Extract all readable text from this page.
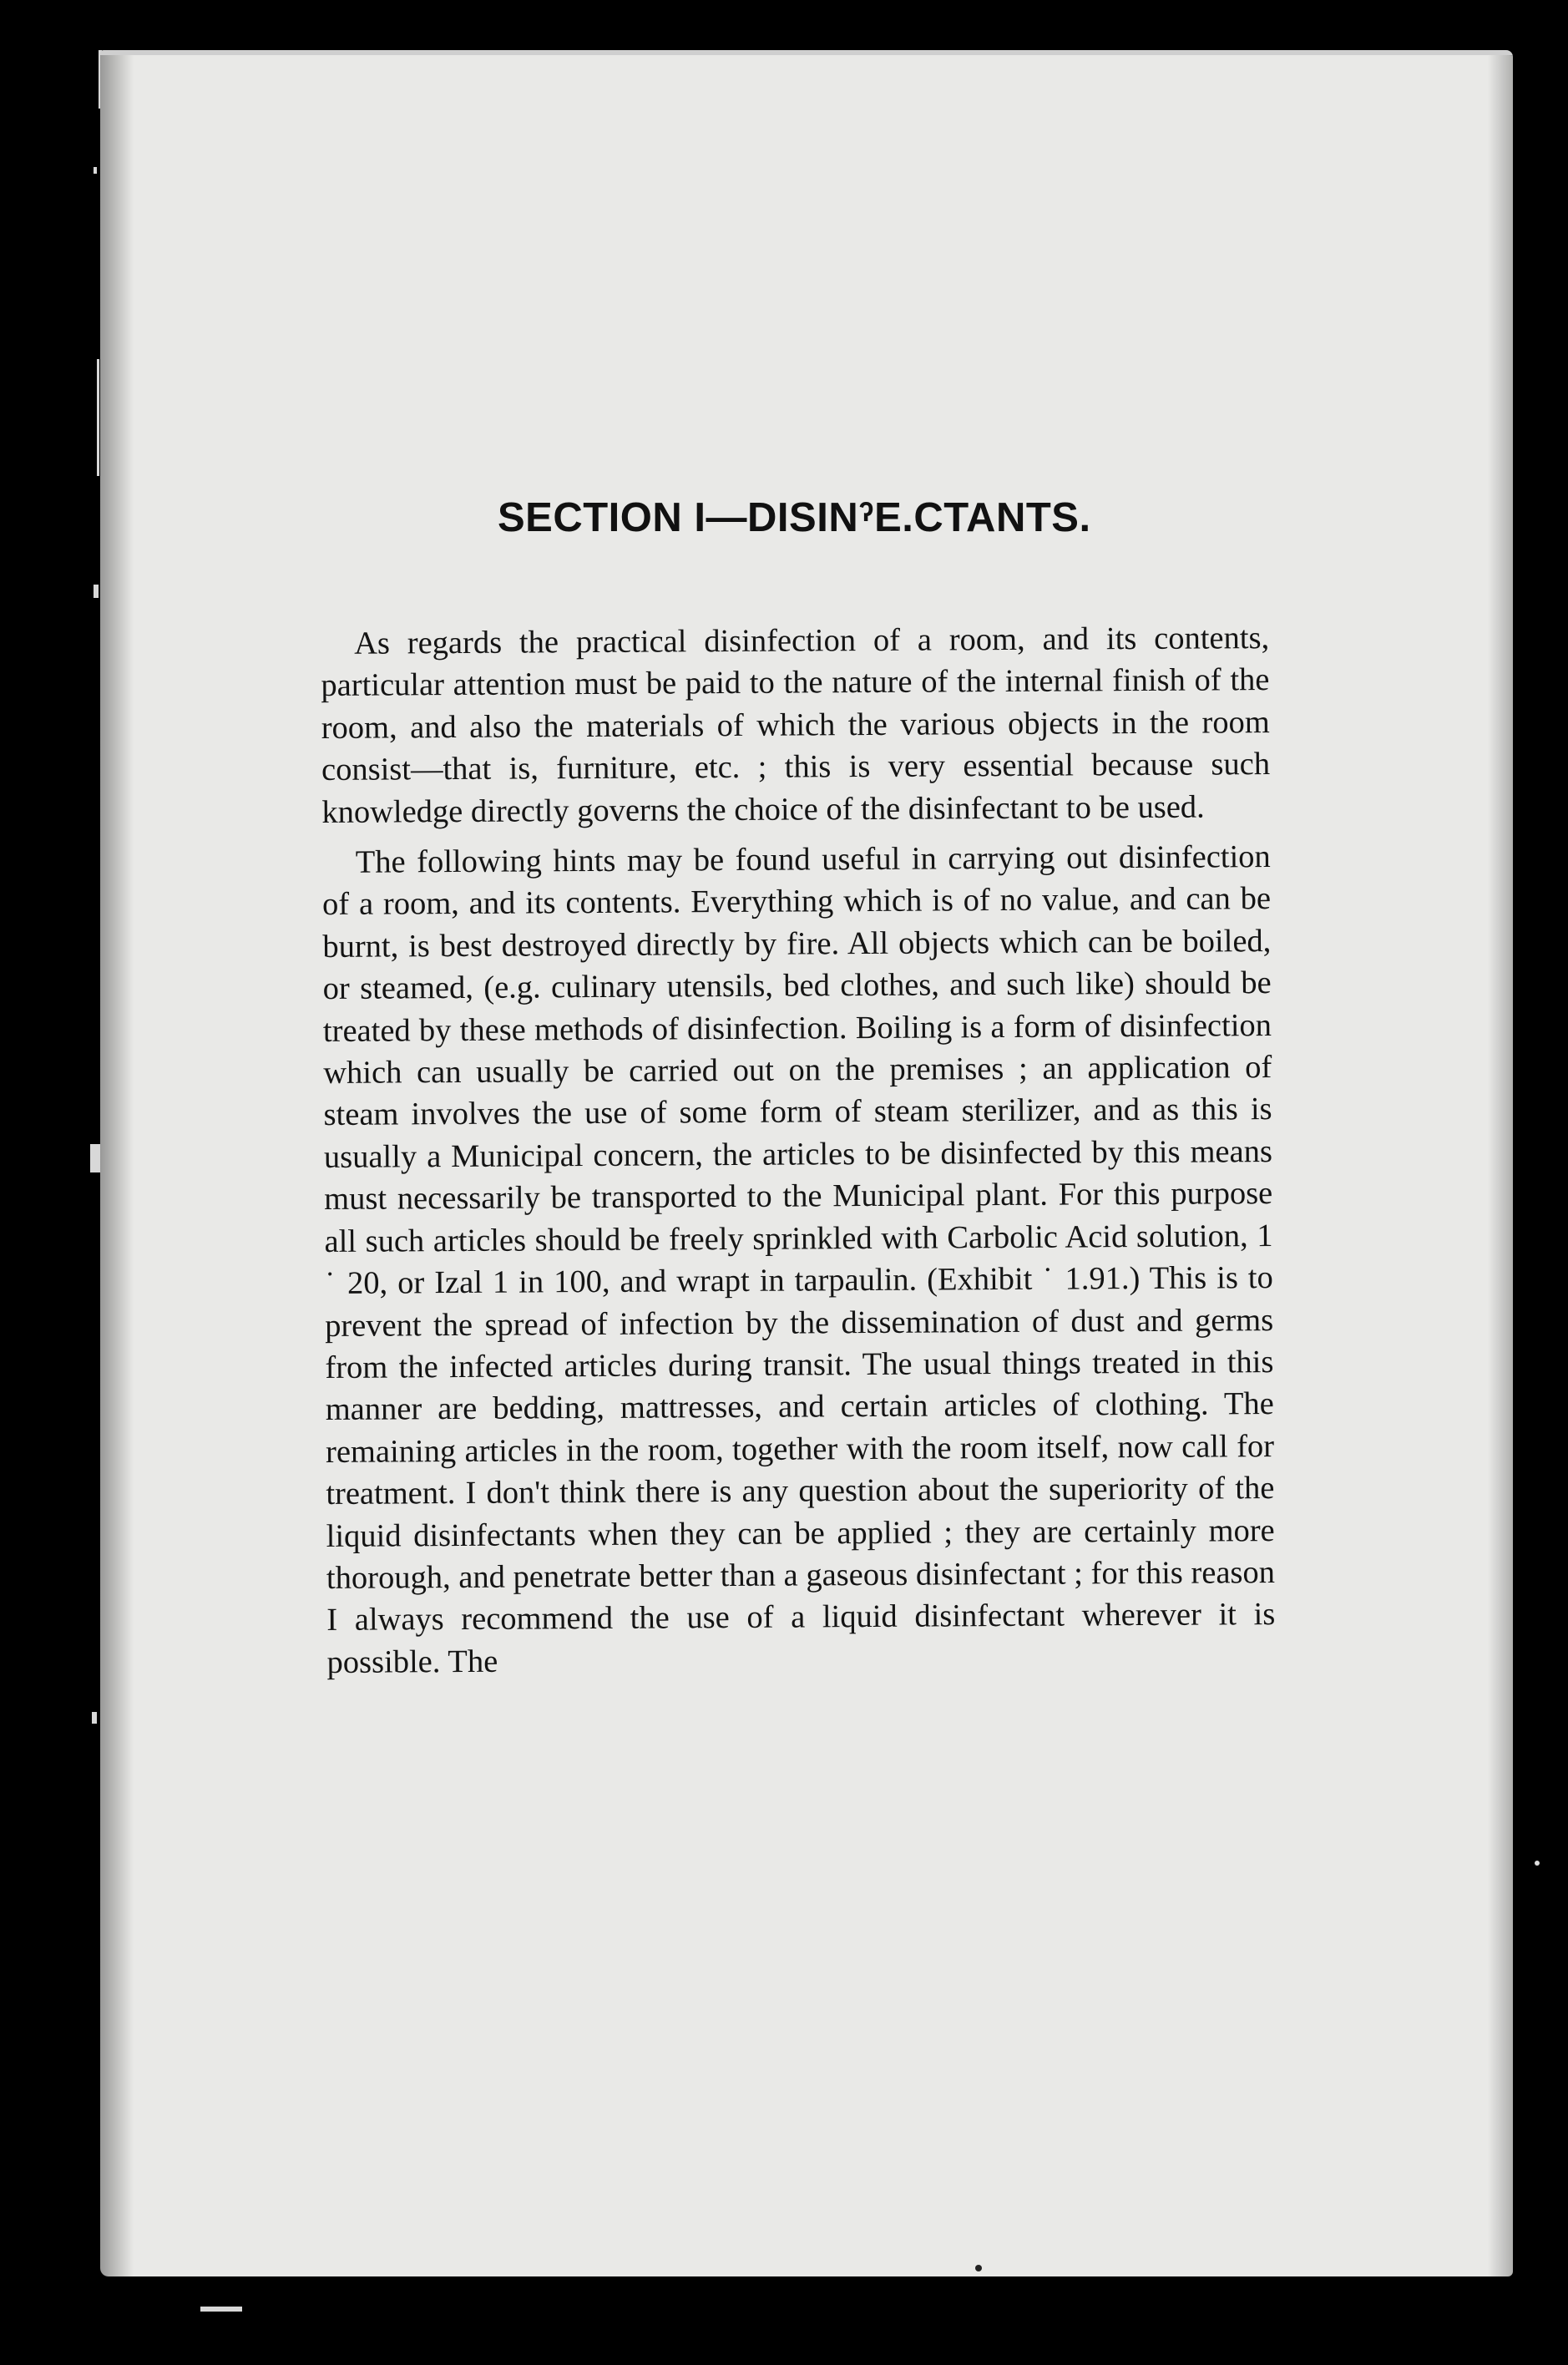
SECTION I—DISINˀE.CTANTS.

As regards the practical disinfection of a room, and its contents, particular attention must be paid to the nature of the internal finish of the room, and also the materials of which the various objects in the room consist—that is, furniture, etc. ; this is very essential because such knowledge directly governs the choice of the disinfectant to be used.

The following hints may be found useful in carrying out disinfection of a room, and its contents. Everything which is of no value, and can be burnt, is best destroyed directly by fire. All objects which can be boiled, or steamed, (e.g. culinary utensils, bed clothes, and such like) should be treated by these methods of disinfection. Boiling is a form of disinfection which can usually be carried out on the premises ; an application of steam involves the use of some form of steam sterilizer, and as this is usually a Municipal concern, the articles to be disinfected by this means must necessarily be transported to the Municipal plant. For this purpose all such articles should be freely sprinkled with Carbolic Acid solution, 1 ˙ 20, or Izal 1 in 100, and wrapt in tarpaulin. (Exhibit ˙ 1.91.) This is to prevent the spread of infection by the dissemination of dust and germs from the infected articles during transit. The usual things treated in this manner are bedding, mattresses, and certain articles of clothing. The remaining articles in the room, together with the room itself, now call for treatment. I don't think there is any question about the superiority of the liquid disinfectants when they can be applied ; they are certainly more thorough, and penetrate better than a gaseous disinfectant ; for this reason I always recommend the use of a liquid disinfectant wherever it is possible. The
